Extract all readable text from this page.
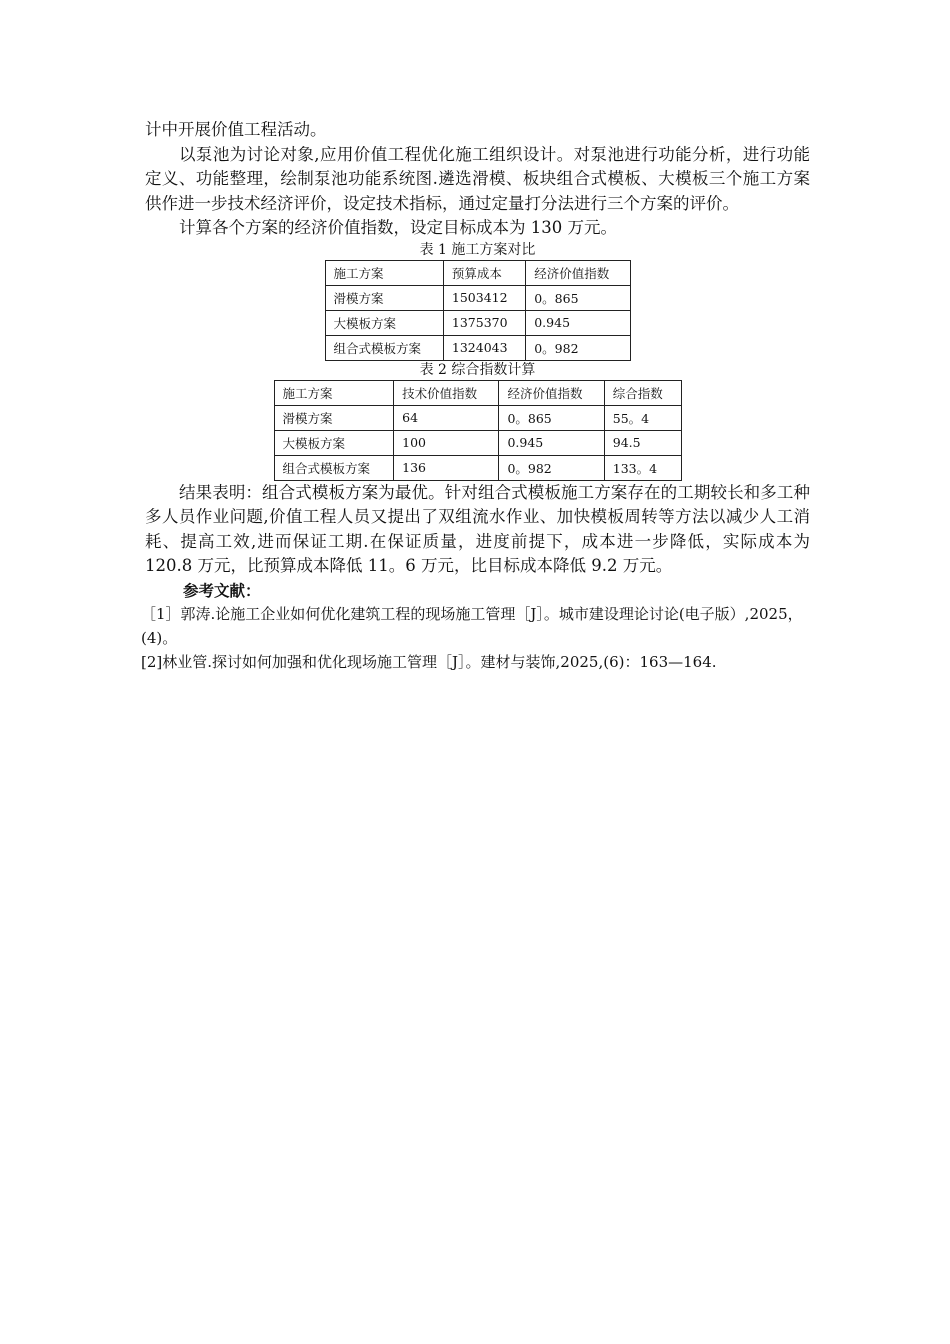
计中开展价值工程活动。

以泵池为讨论对象,应用价值工程优化施工组织设计。对泵池进行功能分析，进行功能定义、功能整理，绘制泵池功能系统图.遴选滑模、板块组合式模板、大模板三个施工方案供作进一步技术经济评价，设定技术指标，通过定量打分法进行三个方案的评价。

计算各个方案的经济价值指数，设定目标成本为 130 万元。

表 1 施工方案对比

施工方案	预算成本	经济价值指数
滑模方案	1503412	0。865
大模板方案	1375370	0.945
组合式模板方案	1324043	0。982

表 2 综合指数计算

施工方案	技术价值指数	经济价值指数	综合指数
滑模方案	64	0。865	55。4
大模板方案	100	0.945	94.5
组合式模板方案	136	0。982	133。4

结果表明：组合式模板方案为最优。针对组合式模板施工方案存在的工期较长和多工种多人员作业问题,价值工程人员又提出了双组流水作业、加快模板周转等方法以减少人工消耗、提高工效,进而保证工期.在保证质量，进度前提下，成本进一步降低，实际成本为 120.8 万元，比预算成本降低 11。6 万元，比目标成本降低 9.2 万元。

参考文献：

［1］郭涛.论施工企业如何优化建筑工程的现场施工管理［J］。城市建设理论讨论(电子版）,2025，(4)。

[2]林业管.探讨如何加强和优化现场施工管理［J］。建材与装饰,2025,(6)：163—164.
